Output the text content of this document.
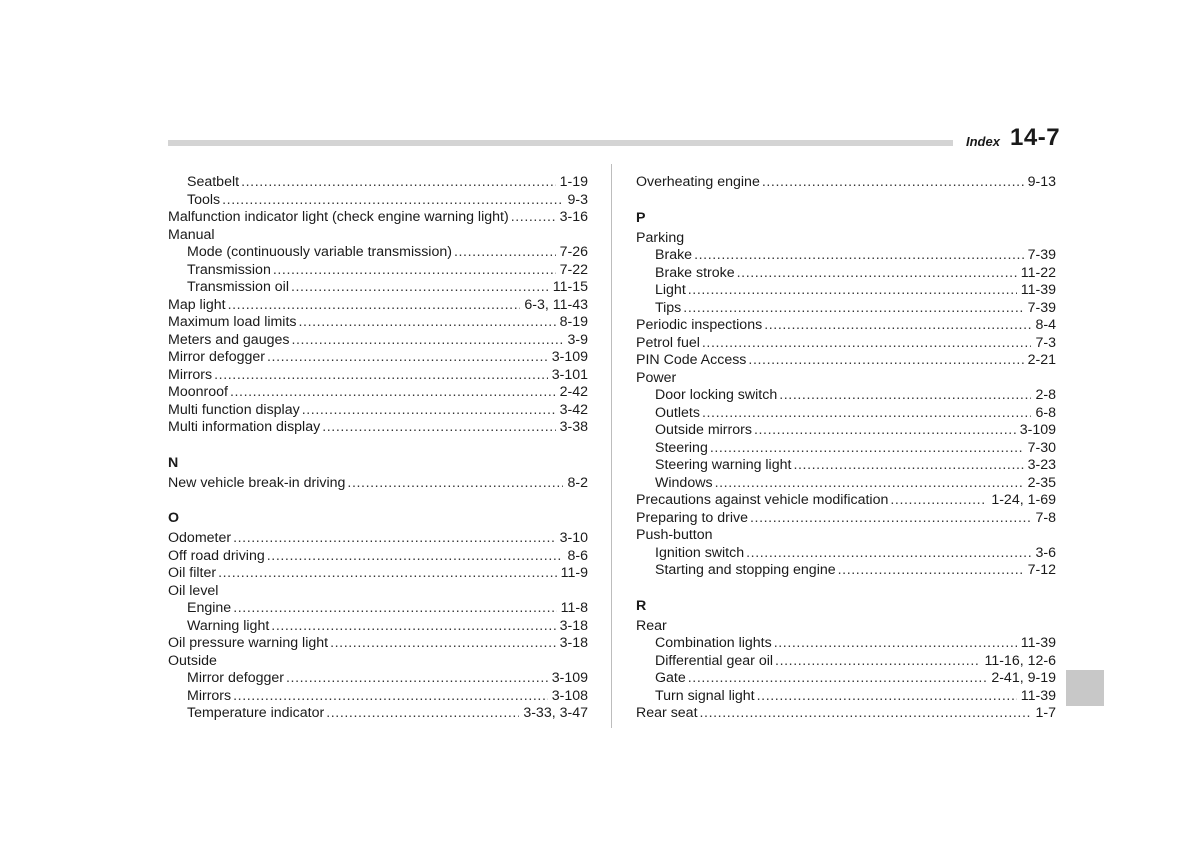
Index 14-7
Seatbelt .....	1-19
Tools .....	9-3
Malfunction indicator light (check engine warning light) .....	3-16
Manual
Mode (continuously variable transmission) .....	7-26
Transmission .....	7-22
Transmission oil .....	11-15
Map light .....	6-3, 11-43
Maximum load limits .....	8-19
Meters and gauges .....	3-9
Mirror defogger .....	3-109
Mirrors .....	3-101
Moonroof .....	2-42
Multi function display .....	3-42
Multi information display .....	3-38
N
New vehicle break-in driving .....	8-2
O
Odometer .....	3-10
Off road driving .....	8-6
Oil filter .....	11-9
Oil level
Engine .....	11-8
Warning light .....	3-18
Oil pressure warning light .....	3-18
Outside
Mirror defogger .....	3-109
Mirrors .....	3-108
Temperature indicator .....	3-33, 3-47
Overheating engine .....	9-13
P
Parking
Brake .....	7-39
Brake stroke .....	11-22
Light .....	11-39
Tips .....	7-39
Periodic inspections .....	8-4
Petrol fuel .....	7-3
PIN Code Access .....	2-21
Power
Door locking switch .....	2-8
Outlets .....	6-8
Outside mirrors .....	3-109
Steering .....	7-30
Steering warning light .....	3-23
Windows .....	2-35
Precautions against vehicle modification .....	1-24, 1-69
Preparing to drive .....	7-8
Push-button
Ignition switch .....	3-6
Starting and stopping engine .....	7-12
R
Rear
Combination lights .....	11-39
Differential gear oil .....	11-16, 12-6
Gate .....	2-41, 9-19
Turn signal light .....	11-39
Rear seat .....	1-7
